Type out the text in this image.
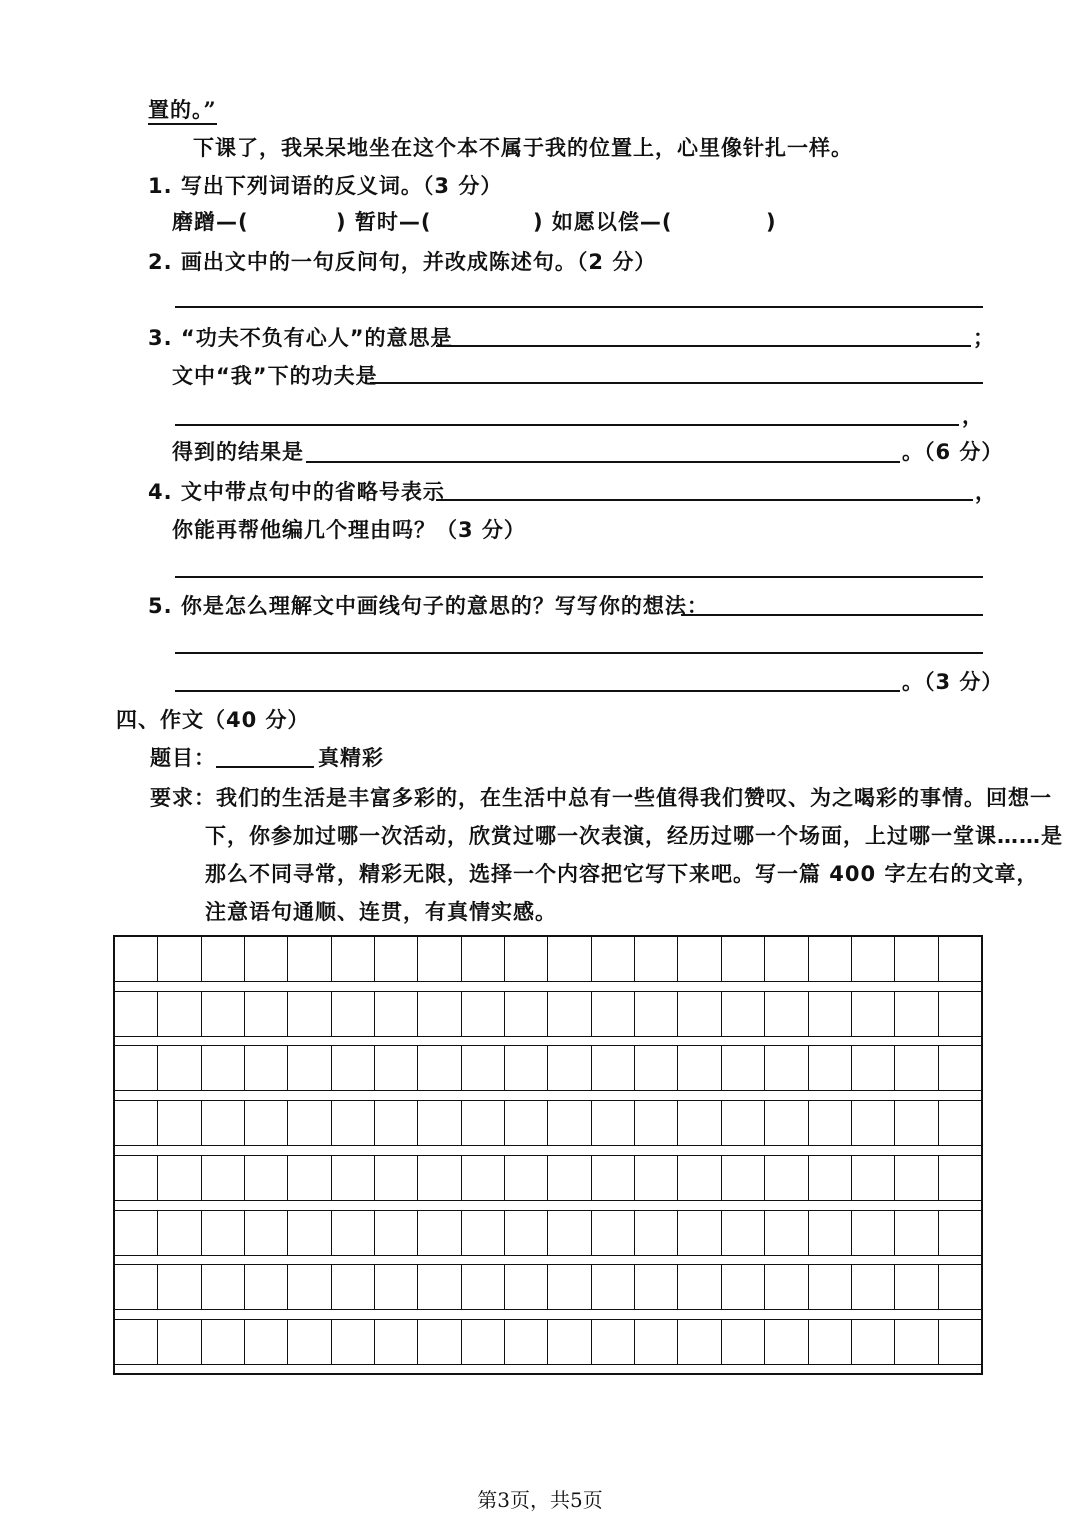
置的。”
下课了，我呆呆地坐在这个本不属于我的位置上，心里像针扎一样。
1. 写出下列词语的反义词。（3 分）
磨蹭—(	) 暂时—(	) 如愿以偿—(	)
2. 画出文中的一句反问句，并改成陈述句。（2 分）
3. “功夫不负有心人”的意思是	；
文中“我”下的功夫是
，
得到的结果是	。（6 分）
4. 文中带点句中的省略号表示	，
你能再帮他编几个理由吗？（3 分）
5. 你是怎么理解文中画线句子的意思的？写写你的想法：
。（3 分）
四、作文（40 分）
题目：	真精彩
要求：我们的生活是丰富多彩的，在生活中总有一些值得我们赞叹、为之喝彩的事情。回想一
下，你参加过哪一次活动，欣赏过哪一次表演，经历过哪一个场面，上过哪一堂课……是
那么不同寻常，精彩无限，选择一个内容把它写下来吧。写一篇 400 字左右的文章，
注意语句通顺、连贯，有真情实感。
第3页，共5页
